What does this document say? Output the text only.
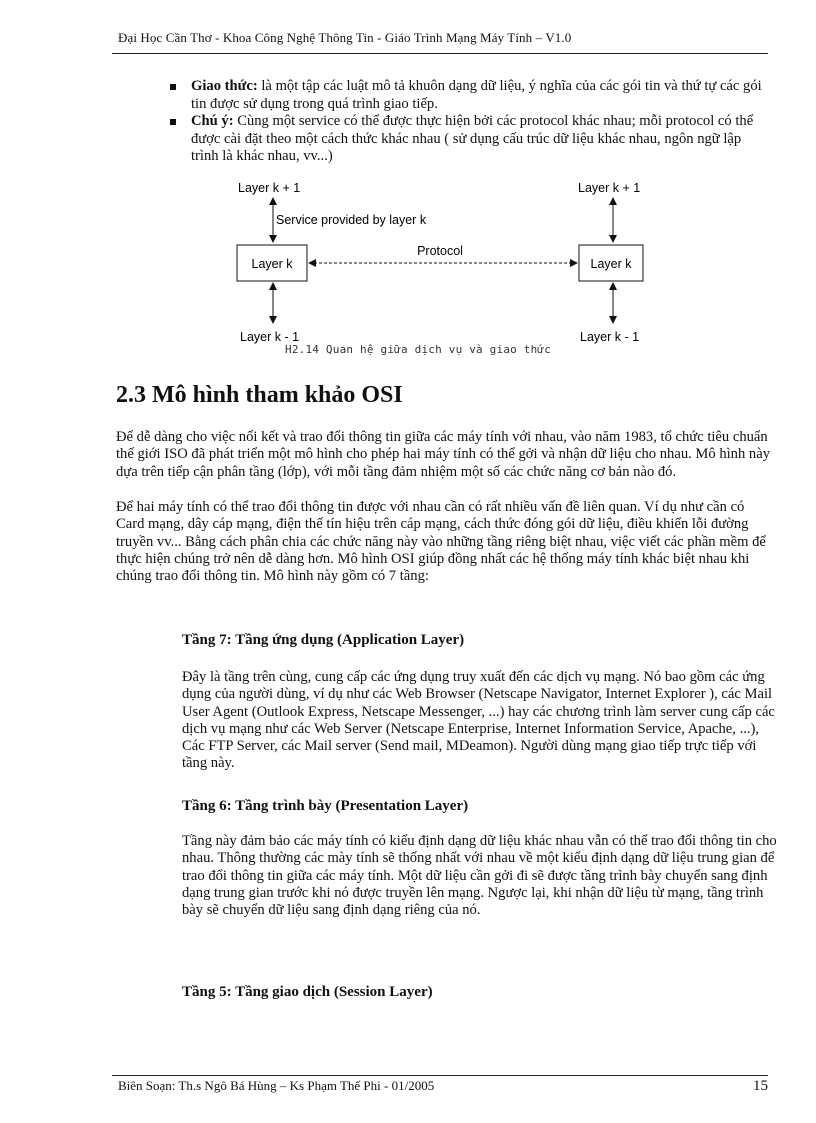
Đại Học Cần Thơ - Khoa Công Nghệ Thông Tin - Giáo Trình Mạng Máy Tính – V1.0
Giao thức: là một tập các luật mô tả khuôn dạng dữ liệu, ý nghĩa của các gói tin và thứ tự các gói tin được sử dụng trong quá trình giao tiếp.
Chú ý: Cùng một service có thể được thực hiện bởi các protocol khác nhau; mỗi protocol có thể được cài đặt theo một cách thức khác nhau ( sử dụng cấu trúc dữ liệu khác nhau, ngôn ngữ lập trình là khác nhau, vv...)
Layer k + 1	Layer k + 1
Service provided by layer k
Layer k	Layer k
Protocol
Layer k - 1	Layer k - 1
H2.14 Quan hệ giữa dịch vụ và giao thức
2.3 Mô hình tham khảo OSI

Để dễ dàng cho việc nối kết và trao đổi thông tin giữa các máy tính với nhau, vào năm 1983, tổ chức tiêu chuẩn thế giới ISO đã phát triển một mô hình cho phép hai máy tính có thể gởi và nhận dữ liệu cho nhau. Mô hình này dựa trên tiếp cận phân tầng (lớp), với mỗi tầng đảm nhiệm một số các chức năng cơ bản nào đó.

Để hai máy tính có thể trao đổi thông tin được với nhau cần có rất nhiều vấn đề liên quan. Ví dụ như cần có Card mạng, dây cáp mạng, điện thế tín hiệu trên cáp mạng, cách thức đóng gói dữ liệu, điều khiển lỗi đường truyền vv... Bằng cách phân chia các chức năng này vào những tầng riêng biệt nhau, việc viết các phần mềm để thực hiện chúng trở nên dễ dàng hơn. Mô hình OSI giúp đồng nhất các hệ thống máy tính khác biệt nhau khi chúng trao đổi thông tin. Mô hình này gồm có 7 tầng:

Tầng 7: Tầng ứng dụng (Application Layer)

Đây là tầng trên cùng, cung cấp các ứng dụng truy xuất đến các dịch vụ mạng. Nó bao gồm các ứng dụng của người dùng, ví dụ như các Web Browser (Netscape Navigator, Internet Explorer ), các Mail User Agent (Outlook Express, Netscape Messenger, ...) hay các chương trình làm server cung cấp các dịch vụ mạng như các Web Server (Netscape Enterprise, Internet Information Service, Apache, ...), Các FTP Server, các Mail server (Send mail, MDeamon). Người dùng mạng giao tiếp trực tiếp với tầng này.

Tầng 6: Tầng trình bày (Presentation Layer)

Tầng này đảm bảo các máy tính có kiểu định dạng dữ liệu khác nhau vẫn có thể trao đổi thông tin cho nhau. Thông thường các mày tính sẽ thống nhất với nhau về một kiểu định dạng dữ liệu trung gian để trao đổi thông tin giữa các máy tính. Một dữ liệu cần gởi đi sẽ được tầng trình bày chuyển sang định dạng trung gian trước khi nó được truyền lên mạng. Ngược lại, khi nhận dữ liệu từ mạng, tầng trình bày sẽ chuyển dữ liệu sang định dạng riêng của nó.

Tầng 5: Tầng giao dịch (Session Layer)
Biên Soạn: Th.s Ngô Bá Hùng – Ks Phạm Thế Phi - 01/2005	15
